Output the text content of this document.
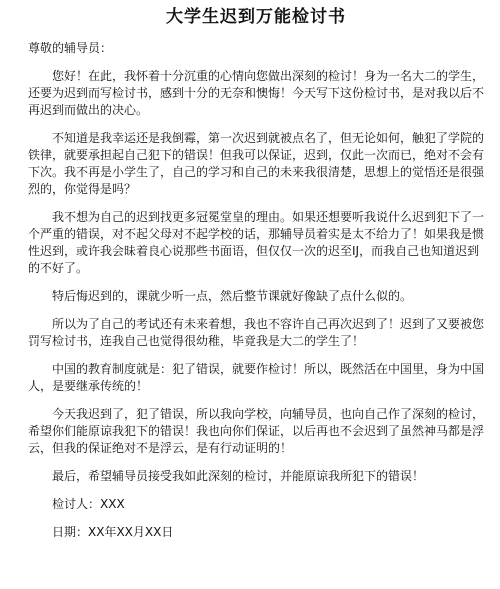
大学生迟到万能检讨书
尊敬的辅导员：

您好！在此，我怀着十分沉重的心情向您做出深刻的检讨！身为一名大二的学生，还要为迟到而写检讨书，感到十分的无奈和懊悔！今天写下这份检讨书，是对我以后不再迟到而做出的决心。

不知道是我幸运还是我倒霉，第一次迟到就被点名了，但无论如何，触犯了学院的铁律，就要承担起自己犯下的错误！但我可以保证，迟到，仅此一次而已，绝对不会有下次。我不再是小学生了，自己的学习和自己的未来我很清楚，思想上的觉悟还是很强烈的，你觉得是吗？

我不想为自己的迟到找更多冠冕堂皇的理由。如果还想要听我说什么迟到犯下了一个严重的错误，对不起父母对不起学校的话，那辅导员着实是太不给力了！如果我是惯性迟到，或许我会昧着良心说那些书面语，但仅仅一次的迟至IJ，而我自己也知道迟到的不好了。

特后悔迟到的，课就少听一点，然后整节课就好像缺了点什么似的。

所以为了自己的考试还有未来着想，我也不容许自己再次迟到了！迟到了又要被您罚写检讨书，连我自己也觉得很幼稚，毕竟我是大二的学生了！

中国的教育制度就是：犯了错误，就要作检讨！所以，既然活在中国里，身为中国人，是要继承传统的！

今天我迟到了，犯了错误，所以我向学校，向辅导员，也向自己作了深刻的检讨，希望你们能原谅我犯下的错误！我也向你们保证，以后再也不会迟到了虽然神马都是浮云，但我的保证绝对不是浮云，是有行动证明的！

最后，希望辅导员接受我如此深刻的检讨，并能原谅我所犯下的错误！

检讨人：XXX
日期：XX年XX月XX日
